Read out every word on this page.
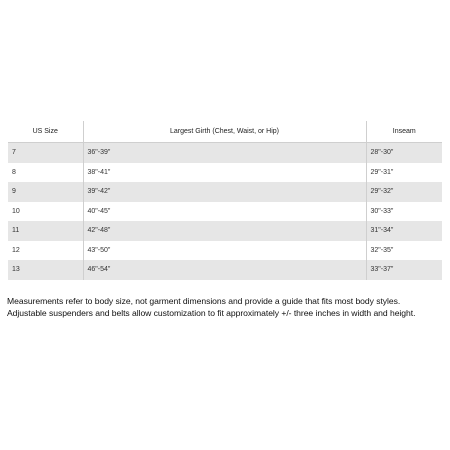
US Size	Largest Girth (Chest, Waist, or Hip)	Inseam
7	36"-39"	28"-30"
8	38"-41"	29"-31"
9	39"-42"	29"-32"
10	40"-45"	30"-33"
11	42"-48"	31"-34"
12	43"-50"	32"-35"
13	46"-54"	33"-37"

Measurements refer to body size, not garment dimensions and provide a guide that fits most body styles.

Adjustable suspenders and belts allow customization to fit approximately +/- three inches in width and height.
